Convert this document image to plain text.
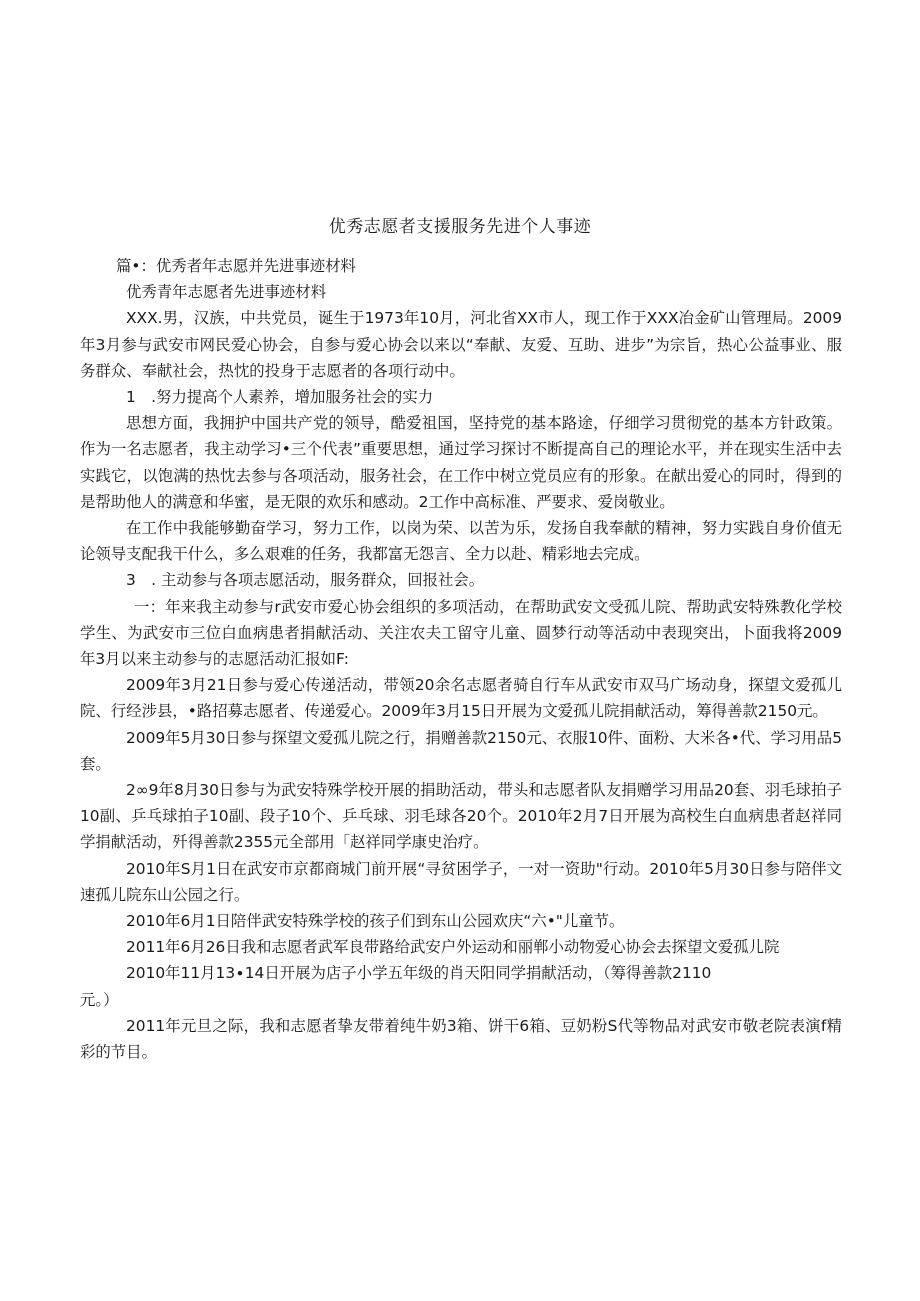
优秀志愿者支援服务先进个人事迹

篇•：优秀者年志愿并先进事迹材料

优秀青年志愿者先进事迹材料

XXX.男，汉族，中共党员，诞生于1973年10月，河北省XX市人，现工作于XXX冶金矿山管理局。2009年3月参与武安市网民爱心协会，自参与爱心协会以来以“奉献、友爱、互助、进步”为宗旨，热心公益事业、服务群众、奉献社会，热忱的投身于志愿者的各项行动中。

1　.努力提高个人素养，增加服务社会的实力

思想方面，我拥护中国共产党的领导，酷爱祖国，坚持党的基本路途，仔细学习贯彻党的基本方针政策。作为一名志愿者，我主动学习•三个代表”重要思想，通过学习探讨不断提高自己的理论水平，并在现实生活中去实践它，以饱满的热忱去参与各项活动，服务社会，在工作中树立党员应有的形象。在献出爱心的同时，得到的是帮助他人的满意和华蜜，是无限的欢乐和感动。2工作中高标准、严要求、爱岗敬业。

在工作中我能够勤奋学习，努力工作，以岗为荣、以苦为乐，发扬自我奉献的精神，努力实践自身价值无论领导支配我干什么，多么艰难的任务，我都富无怨言、全力以赴、精彩地去完成。

3　. 主动参与各项志愿活动，服务群众，回报社会。

一：年来我主动参与r武安市爱心协会组织的多项活动，在帮助武安文受孤儿院、帮助武安特殊教化学校学生、为武安市三位白血病患者捐献活动、关注农夫工留守儿童、圆梦行动等活动中表现突出，卜面我将2009年3月以来主动参与的志愿活动汇报如F:

2009年3月21日参与爱心传递活动，带领20余名志愿者骑自行车从武安市双马广场动身，探望文爱孤儿院、行经涉县，•路招募志愿者、传递爱心。2009年3月15日开展为文爱孤儿院捐献活动，筹得善款2150元。

2009年5月30日参与探望文爱孤儿院之行，捐赠善款2150元、衣服10件、面粉、大米各•代、学习用品5套。

2∞9年8月30日参与为武安特殊学校开展的捐助活动，带头和志愿者队友捐赠学习用品20套、羽毛球拍子10副、乒乓球拍子10副、段子10个、乒乓球、羽毛球各20个。2010年2月7日开展为高校生白血病患者赵祥同学捐献活动，歼得善款2355元全部用「赵祥同学康史治疗。

2010年S月1日在武安市京都商城门前开展“寻贫困学子，一对一资助"行动。2010年5月30日参与陪伴文速孤儿院东山公园之行。

2010年6月1日陪伴武安特殊学校的孩子们到东山公园欢庆“六•"儿童节。

2011年6月26日我和志愿者武军良带路给武安户外运动和丽郸小动物爱心协会去探望文爱孤儿院

2010年11月13∙14日开展为店子小学五年级的肖天阳同学捐献活动，（筹得善款2110

元。）

2011年元旦之际，我和志愿者挚友带着纯牛奶3箱、饼干6箱、豆奶粉S代等物品对武安市敬老院表演f精彩的节目。
